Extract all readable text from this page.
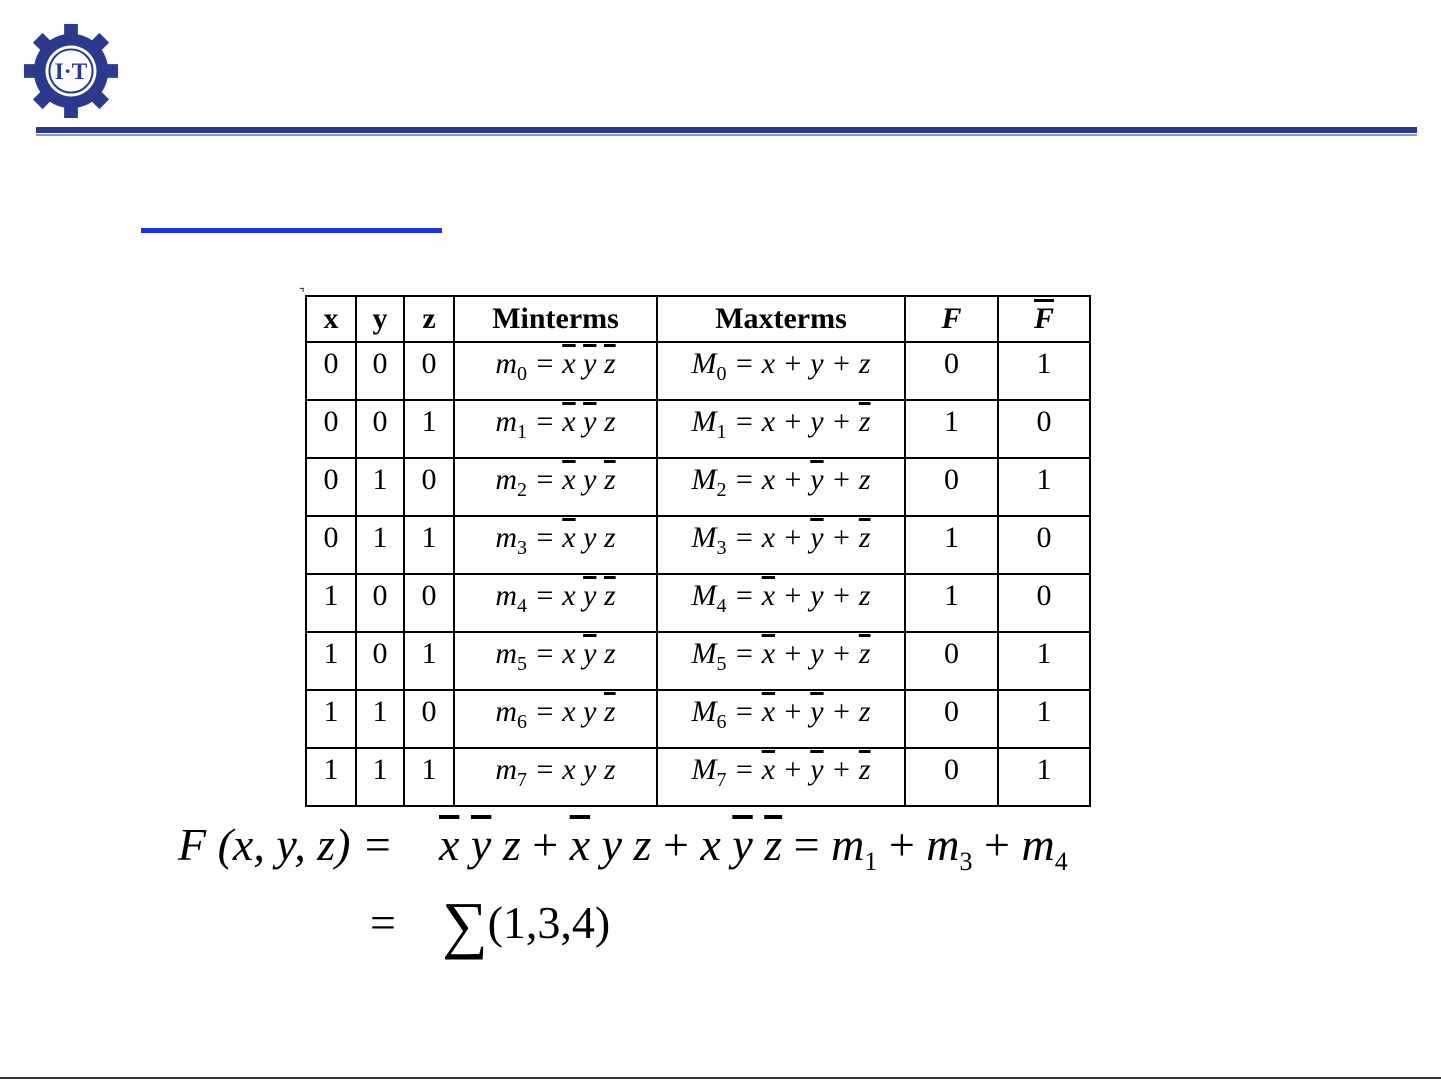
I·T
⌝
x	y	z	Minterms	Maxterms	F	$\overline{F}$
0	0	0	$m_0 = \overline{x}$ $\overline{y}$ $\overline{z}$	$M_0 = x + y + z$	0	1
0	0	1	$m_1 = \overline{x}$ $\overline{y}$ z	$M_1 = x + y + \overline{z}$	1	0
0	1	0	$m_2 = \overline{x}$ y $\overline{z}$	$M_2 = x + \overline{y} + z$	0	1
0	1	1	$m_3 = \overline{x}$ y z	$M_3 = x + \overline{y} + \overline{z}$	1	0
1	0	0	$m_4 = x$ $\overline{y}$ $\overline{z}$	$M_4 = \overline{x} + y + z$	1	0
1	0	1	$m_5 = x$ $\overline{y}$ z	$M_5 = \overline{x} + y + \overline{z}$	0	1
1	1	0	$m_6 = x$ y $\overline{z}$	$M_6 = \overline{x} + \overline{y} + z$	0	1
1	1	1	$m_7 = x$ y z	$M_7 = \overline{x} + \overline{y} + \overline{z}$	0	1
F (x, y, $z) = \overline{x}$ $\overline{y}$ $z + \overline{x}$ y z + x $\overline{y}$ $\overline{z} = m_1 + m_3 + m_4$
= ∑(1,3,4)
